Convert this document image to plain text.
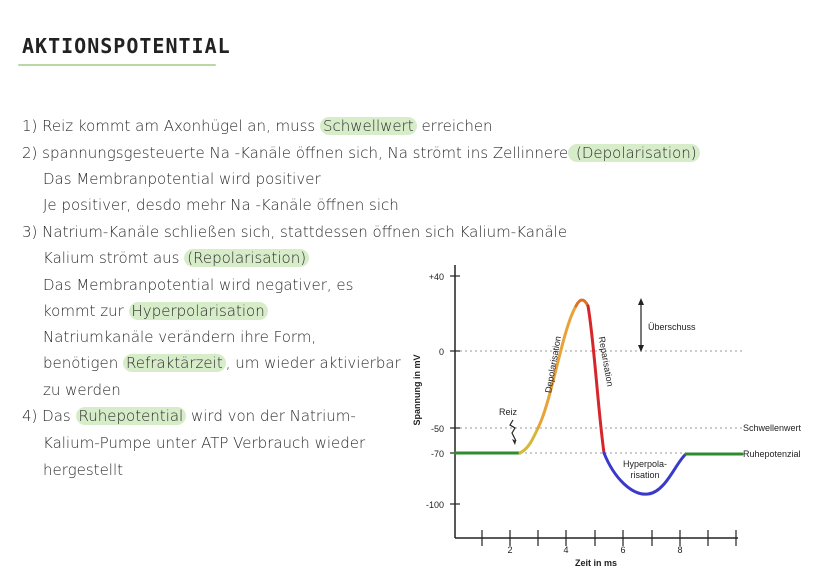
AKTIONSPOTENTIAL
1) Reiz kommt am Axonhügel an, muss Schwellwert erreichen
2) spannungsgesteuerte Na -Kanäle öffnen sich, Na strömt ins Zellinnere (Depolarisation)
Das Membranpotential wird positiver
Je positiver, desdo mehr Na -Kanäle öffnen sich
3) Natrium-Kanäle schließen sich, stattdessen öffnen sich Kalium-Kanäle
Kalium strömt aus (Repolarisation)
Das Membranpotential wird negativer, es
kommt zur Hyperpolarisation
Natriumkanäle verändern ihre Form,
benötigen Refraktärzeit , um wieder aktivierbar
zu werden
4) Das Ruhepotential wird von der Natrium-
Kalium-Pumpe unter ATP Verbrauch wieder
hergestellt
+40
0
-50
-70
-100
2	4	6	8
Zeit in ms
Spannung in mV	Reiz
Depolarisation	Reparisation
Überschuss
Schwellenwert
Ruhepotenzial
Hyperpola-
risation
